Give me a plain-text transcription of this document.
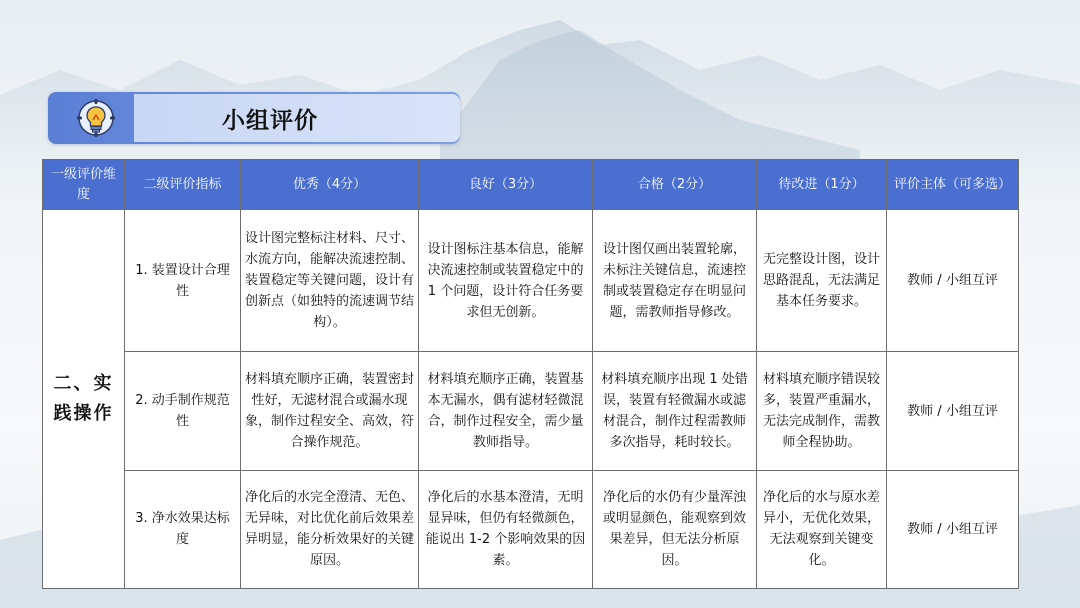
小组评价
一级评价维度	二级评价指标	优秀（4分）	良好（3分）	合格（2分）	待改进（1分）	评价主体（可多选）
二、实践操作	1. 装置设计合理性	设计图完整标注材料、尺寸、水流方向，能解决流速控制、装置稳定等关键问题，设计有创新点（如独特的流速调节结构）。	设计图标注基本信息，能解决流速控制或装置稳定中的 1 个问题，设计符合任务要求但无创新。	设计图仅画出装置轮廓，未标注关键信息，流速控制或装置稳定存在明显问题，需教师指导修改。	无完整设计图，设计思路混乱，无法满足基本任务要求。	教师 / 小组互评
	2. 动手制作规范性	材料填充顺序正确，装置密封性好，无滤材混合或漏水现象，制作过程安全、高效，符合操作规范。	材料填充顺序正确，装置基本无漏水，偶有滤材轻微混合，制作过程安全，需少量教师指导。	材料填充顺序出现 1 处错误，装置有轻微漏水或滤材混合，制作过程需教师多次指导，耗时较长。	材料填充顺序错误较多，装置严重漏水，无法完成制作，需教师全程协助。	教师 / 小组互评
	3. 净水效果达标度	净化后的水完全澄清、无色、无异味，对比优化前后效果差异明显，能分析效果好的关键原因。	净化后的水基本澄清，无明显异味，但仍有轻微颜色，能说出 1-2 个影响效果的因素。	净化后的水仍有少量浑浊或明显颜色，能观察到效果差异，但无法分析原因。	净化后的水与原水差异小，无优化效果，无法观察到关键变化。	教师 / 小组互评
